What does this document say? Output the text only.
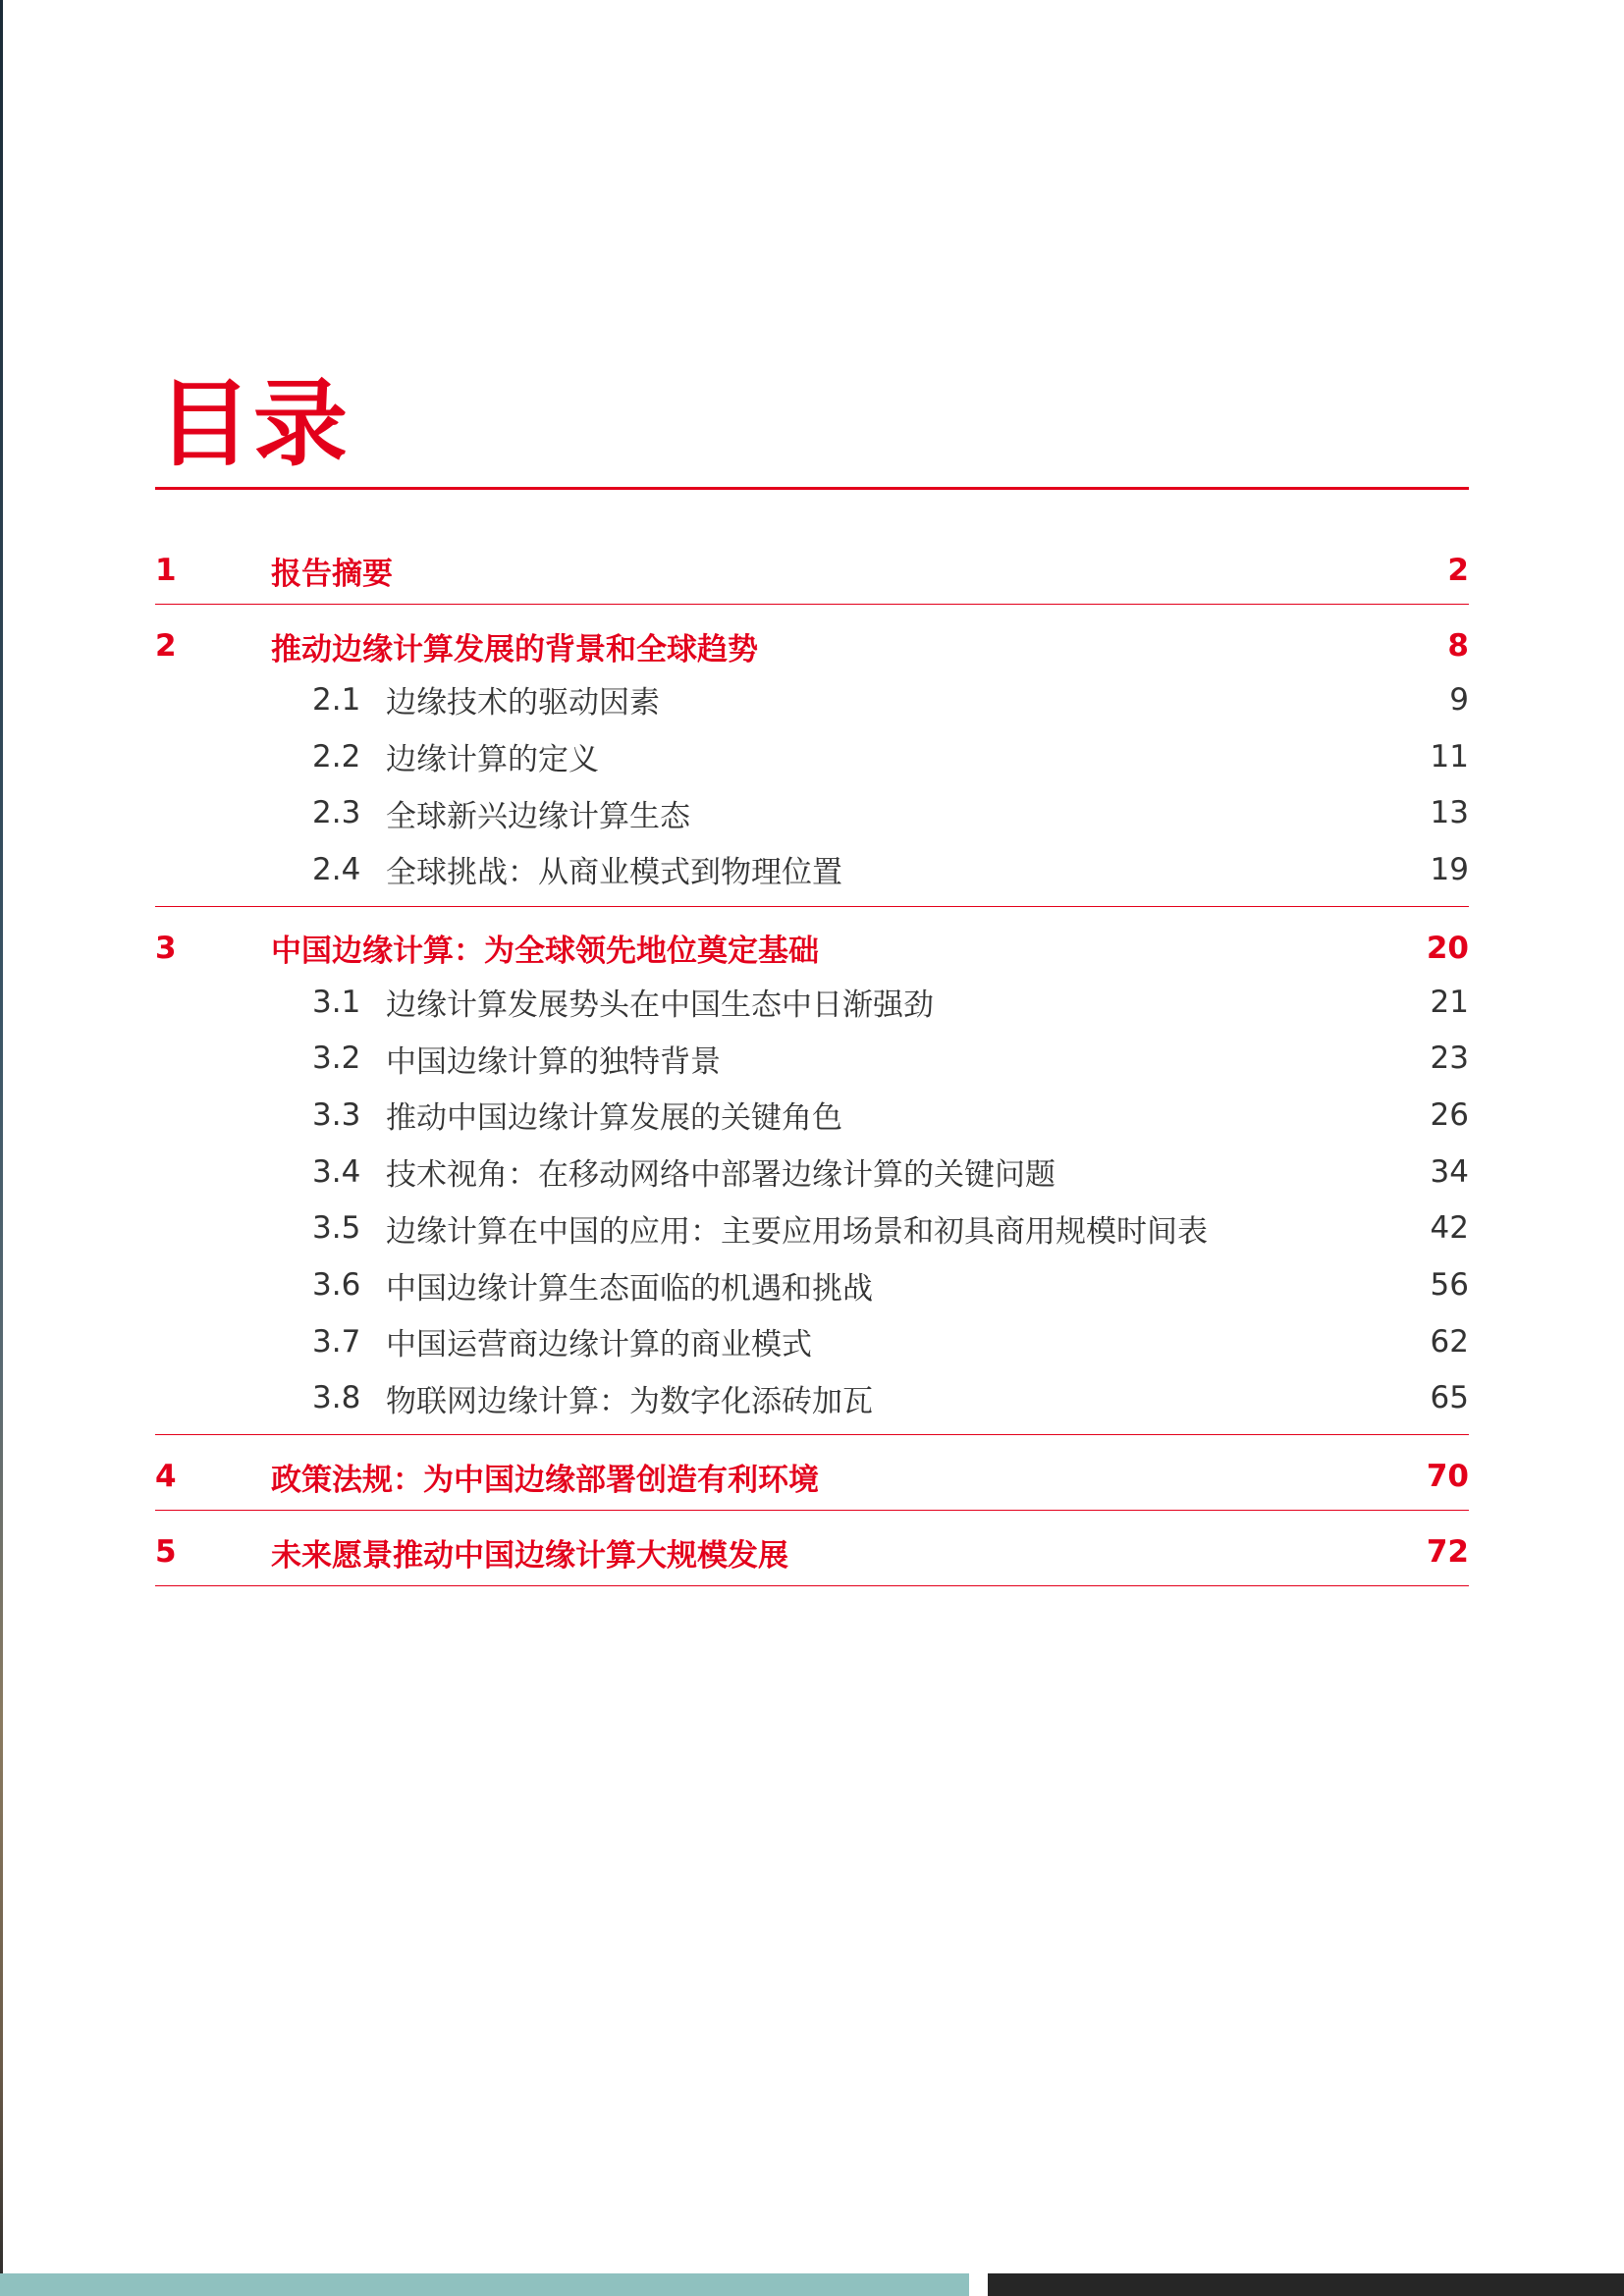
目录
1	报告摘要	2
2	推动边缘计算发展的背景和全球趋势	8
2.1 边缘技术的驱动因素	9
2.2 边缘计算的定义	11
2.3 全球新兴边缘计算生态	13
2.4 全球挑战：从商业模式到物理位置	19
3	中国边缘计算：为全球领先地位奠定基础	20
3.1 边缘计算发展势头在中国生态中日渐强劲	21
3.2 中国边缘计算的独特背景	23
3.3 推动中国边缘计算发展的关键角色	26
3.4 技术视角：在移动网络中部署边缘计算的关键问题	34
3.5 边缘计算在中国的应用：主要应用场景和初具商用规模时间表	42
3.6 中国边缘计算生态面临的机遇和挑战	56
3.7 中国运营商边缘计算的商业模式	62
3.8 物联网边缘计算：为数字化添砖加瓦	65
4	政策法规：为中国边缘部署创造有利环境	70
5	未来愿景推动中国边缘计算大规模发展	72
